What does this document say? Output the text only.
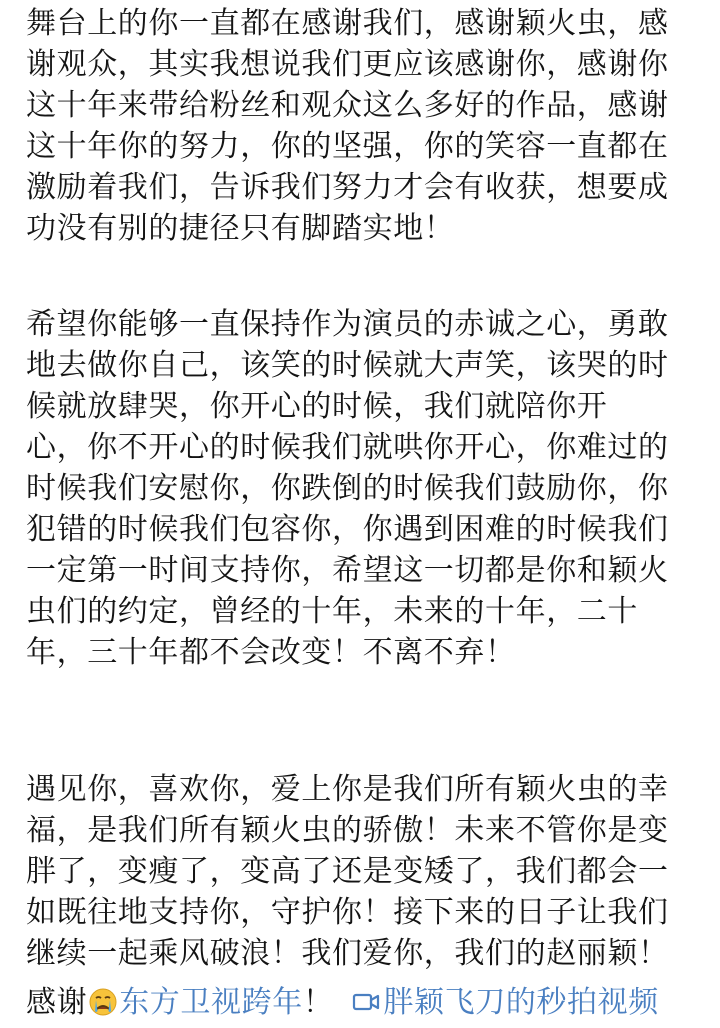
舞台上的你一直都在感谢我们，感谢颖火虫，感
谢观众，其实我想说我们更应该感谢你，感谢你
这十年来带给粉丝和观众这么多好的作品，感谢
这十年你的努力，你的坚强，你的笑容一直都在
激励着我们，告诉我们努力才会有收获，想要成
功没有别的捷径只有脚踏实地！
希望你能够一直保持作为演员的赤诚之心，勇敢
地去做你自己，该笑的时候就大声笑，该哭的时
候就放肆哭，你开心的时候，我们就陪你开
心，你不开心的时候我们就哄你开心，你难过的
时候我们安慰你，你跌倒的时候我们鼓励你，你
犯错的时候我们包容你，你遇到困难的时候我们
一定第一时间支持你，希望这一切都是你和颖火
虫们的约定，曾经的十年，未来的十年，二十
年，三十年都不会改变！不离不弃！
遇见你，喜欢你，爱上你是我们所有颖火虫的幸
福，是我们所有颖火虫的骄傲！未来不管你是变
胖了，变瘦了，变高了还是变矮了，我们都会一
如既往地支持你，守护你！接下来的日子让我们
继续一起乘风破浪！我们爱你，我们的赵丽颖！
感谢 东方卫视跨年！ 胖颖飞刀的秒拍视频
